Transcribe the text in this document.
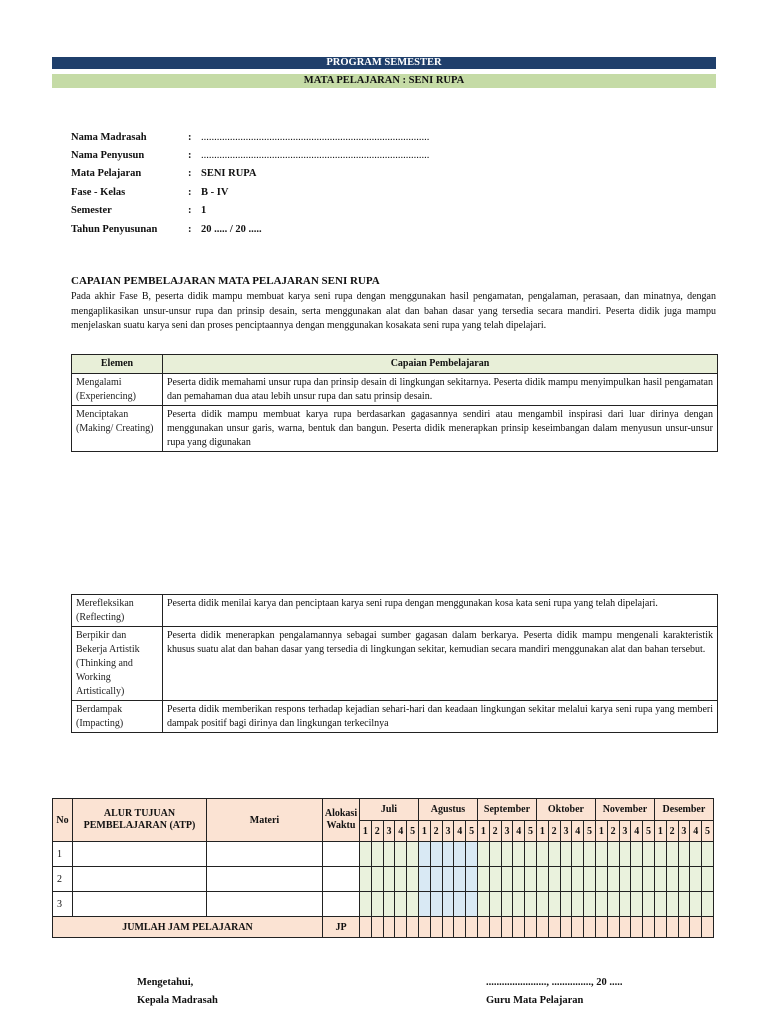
PROGRAM SEMESTER
MATA PELAJARAN : SENI RUPA
Nama Madrasah	:	.......................................................................................
Nama Penyusun	:	.......................................................................................
Mata Pelajaran	:	SENI RUPA
Fase - Kelas	:	B - IV
Semester	:	1
Tahun Penyusunan	:	20 ..... / 20 .....
CAPAIAN PEMBELAJARAN MATA PELAJARAN SENI RUPA
Pada akhir Fase B, peserta didik mampu membuat karya seni rupa dengan menggunakan hasil pengamatan, pengalaman, perasaan, dan minatnya, dengan mengaplikasikan unsur-unsur rupa dan prinsip desain, serta menggunakan alat dan bahan dasar yang tersedia secara mandiri. Peserta didik juga mampu menjelaskan suatu karya seni dan proses penciptaannya dengan menggunakan kosakata seni rupa yang telah dipelajari.
Elemen	Capaian Pembelajaran
Mengalami (Experiencing)	Peserta didik memahami unsur rupa dan prinsip desain di lingkungan sekitarnya. Peserta didik mampu menyimpulkan hasil pengamatan dan pemahaman dua atau lebih unsur rupa dan satu prinsip desain.
Menciptakan (Making/ Creating)	Peserta didik mampu membuat karya rupa berdasarkan gagasannya sendiri atau mengambil inspirasi dari luar dirinya dengan menggunakan unsur garis, warna, bentuk dan bangun. Peserta didik menerapkan prinsip keseimbangan dalam menyusun unsur-unsur rupa yang digunakan
Merefleksikan (Reflecting)	Peserta didik menilai karya dan penciptaan karya seni rupa dengan menggunakan kosa kata seni rupa yang telah dipelajari.
Berpikir dan Bekerja Artistik (Thinking and Working Artistically)	Peserta didik menerapkan pengalamannya sebagai sumber gagasan dalam berkarya. Peserta didik mampu mengenali karakteristik khusus suatu alat dan bahan dasar yang tersedia di lingkungan sekitar, kemudian secara mandiri menggunakan alat dan bahan tersebut.
Berdampak (Impacting)	Peserta didik memberikan respons terhadap kejadian sehari-hari dan keadaan lingkungan sekitar melalui karya seni rupa yang memberi dampak positif bagi dirinya dan lingkungan terkecilnya
No	ALUR TUJUAN PEMBELAJARAN (ATP)	Materi	Alokasi Waktu	Juli					Agustus					September					Oktober					November					Desember				
				1	2	3	4	5	1	2	3	4	5	1	2	3	4	5	1	2	3	4	5	1	2	3	4	5	1	2	3	4	5
1																																	
2																																	
3																																	
JUMLAH JAM PELAJARAN			JP																														
Mengetahui,
Kepala Madrasah
......................., ..............., 20 .....
Guru Mata Pelajaran
